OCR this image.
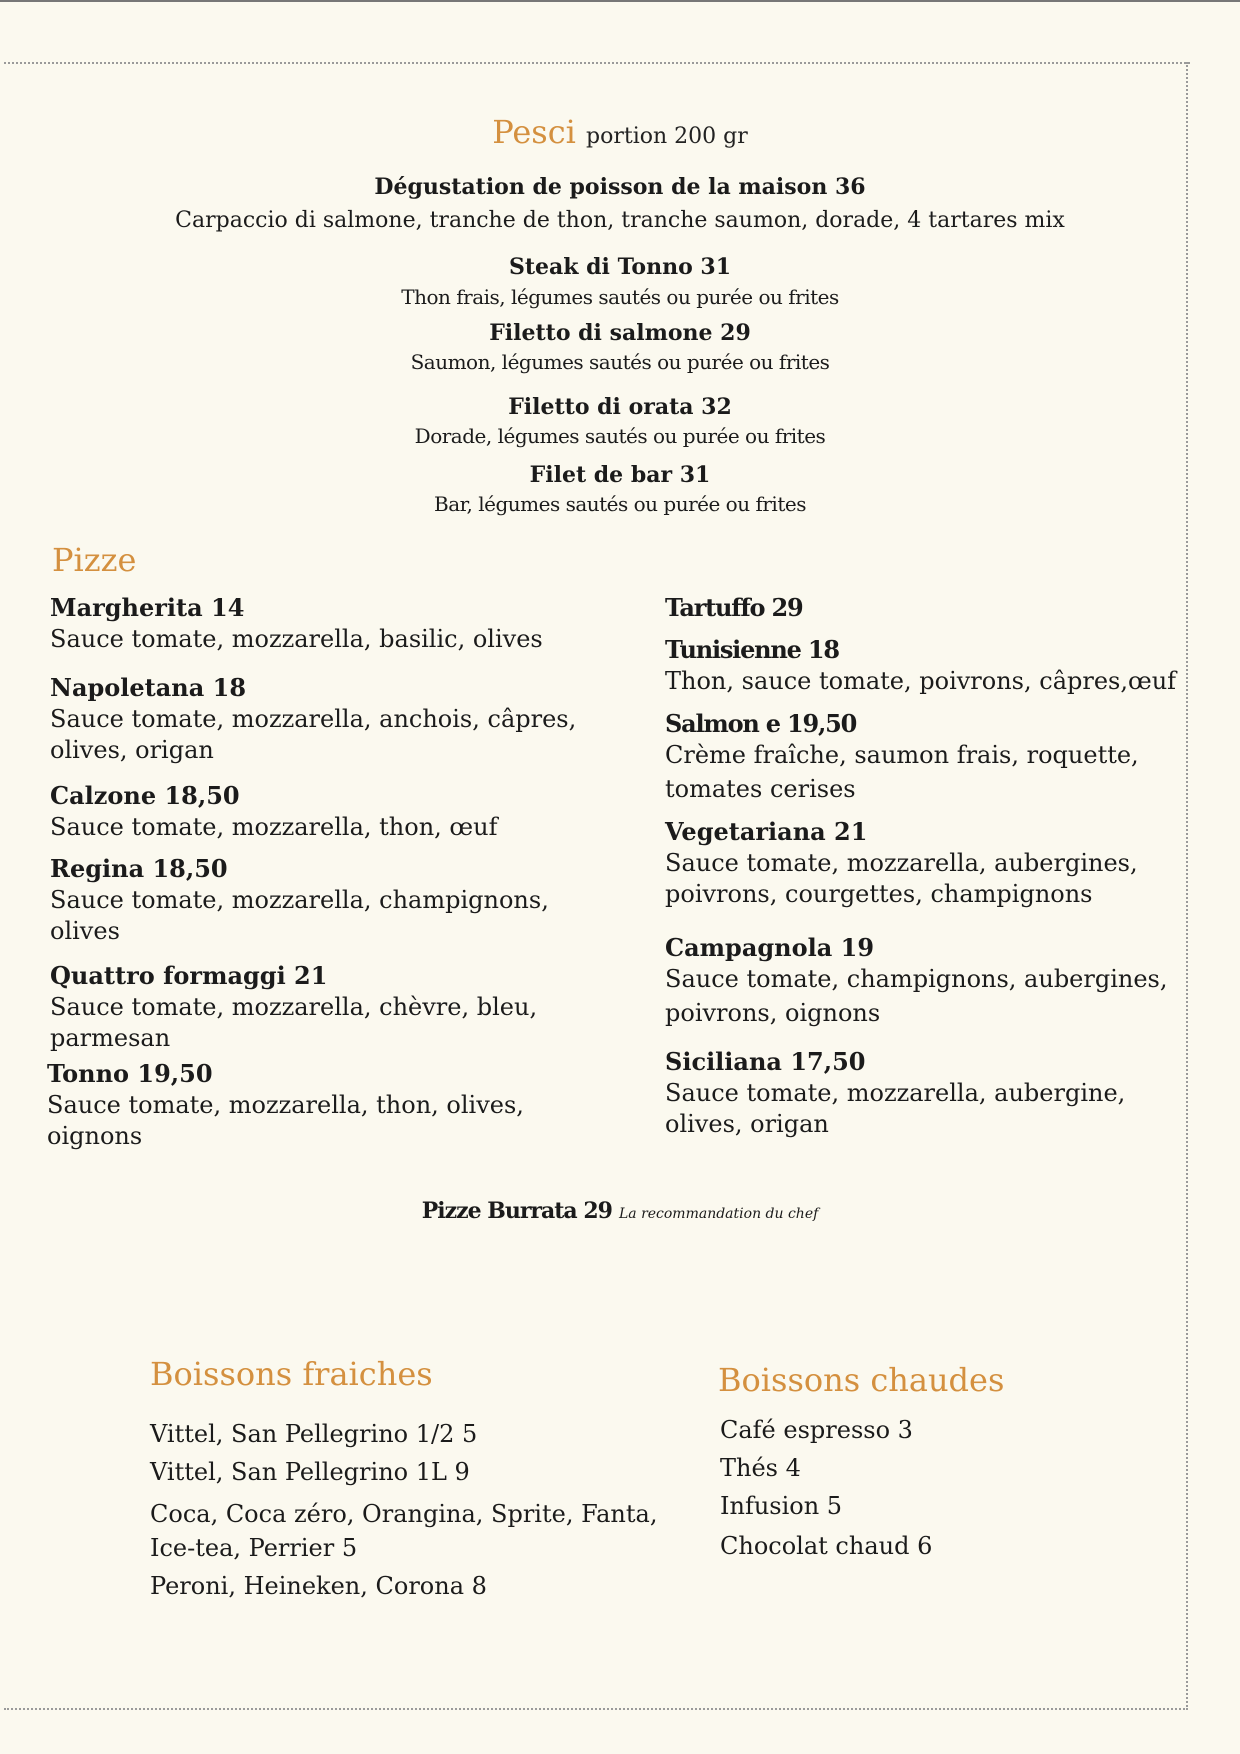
Pesci portion 200 gr
Dégustation de poisson de la maison 36
Carpaccio di salmone, tranche de thon, tranche saumon, dorade, 4 tartares mix
Steak di Tonno 31
Thon frais, légumes sautés ou purée ou frites
Filetto di salmone 29
Saumon, légumes sautés ou purée ou frites
Filetto di orata 32
Dorade, légumes sautés ou purée ou frites
Filet de bar 31
Bar, légumes sautés ou purée ou frites
Pizze
Margherita 14
Sauce tomate, mozzarella, basilic, olives
Napoletana 18
Sauce tomate, mozzarella, anchois, câpres,
olives, origan
Calzone 18,50
Sauce tomate, mozzarella, thon, œuf
Regina 18,50
Sauce tomate, mozzarella, champignons,
olives
Quattro formaggi 21
Sauce tomate, mozzarella, chèvre, bleu,
parmesan
Tonno 19,50
Sauce tomate, mozzarella, thon, olives,
oignons
Tartuffo 29
Tunisienne 18
Thon, sauce tomate, poivrons, câpres,œuf
Salmon e 19,50
Crème fraîche, saumon frais, roquette,
tomates cerises
Vegetariana 21
Sauce tomate, mozzarella, aubergines,
poivrons, courgettes, champignons
Campagnola 19
Sauce tomate, champignons, aubergines,
poivrons, oignons
Siciliana 17,50
Sauce tomate, mozzarella, aubergine,
olives, origan
Pizze Burrata 29 La recommandation du chef
Boissons fraiches
Vittel, San Pellegrino 1/2 5
Vittel, San Pellegrino 1L 9
Coca, Coca zéro, Orangina, Sprite, Fanta,
Ice-tea, Perrier 5
Peroni, Heineken, Corona 8
Boissons chaudes
Café espresso 3
Thés 4
Infusion 5
Chocolat chaud 6
